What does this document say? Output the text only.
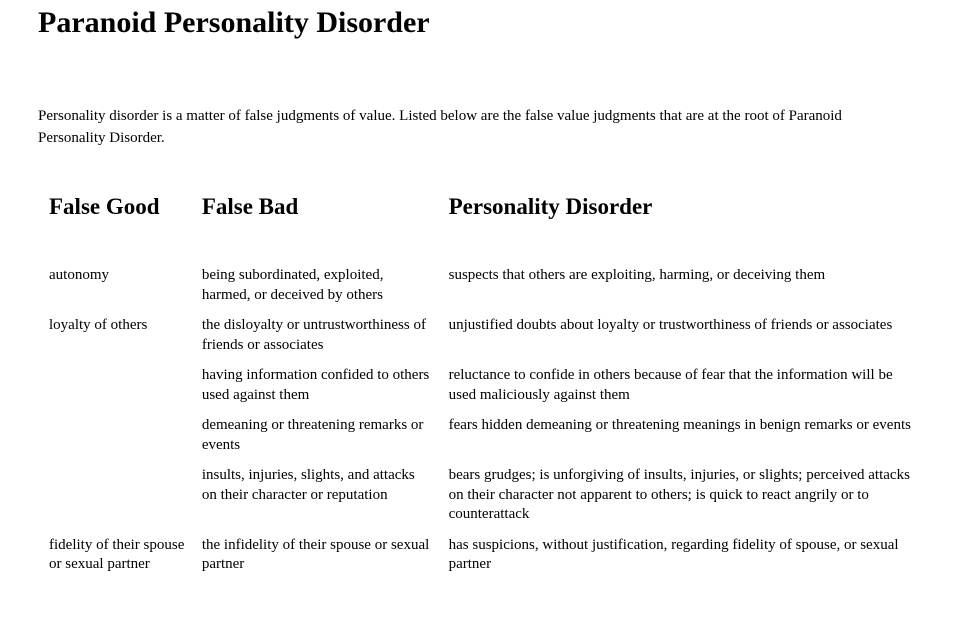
Paranoid Personality Disorder

Personality disorder is a matter of false judgments of value. Listed below are the false value judgments that are at the root of Paranoid Personality Disorder.

False Good	False Bad	Personality Disorder
autonomy	being subordinated, exploited, harmed, or deceived by others	suspects that others are exploiting, harming, or deceiving them
loyalty of others	the disloyalty or untrustworthiness of friends or associates	unjustified doubts about loyalty or trustworthiness of friends or associates
	having information confided to others used against them	reluctance to confide in others because of fear that the information will be used maliciously against them
	demeaning or threatening remarks or events	fears hidden demeaning or threatening meanings in benign remarks or events
	insults, injuries, slights, and attacks on their character or reputation	bears grudges; is unforgiving of insults, injuries, or slights; perceived attacks on their character not apparent to others; is quick to react angrily or to counterattack
fidelity of their spouse or sexual partner	the infidelity of their spouse or sexual partner	has suspicions, without justification, regarding fidelity of spouse, or sexual partner
